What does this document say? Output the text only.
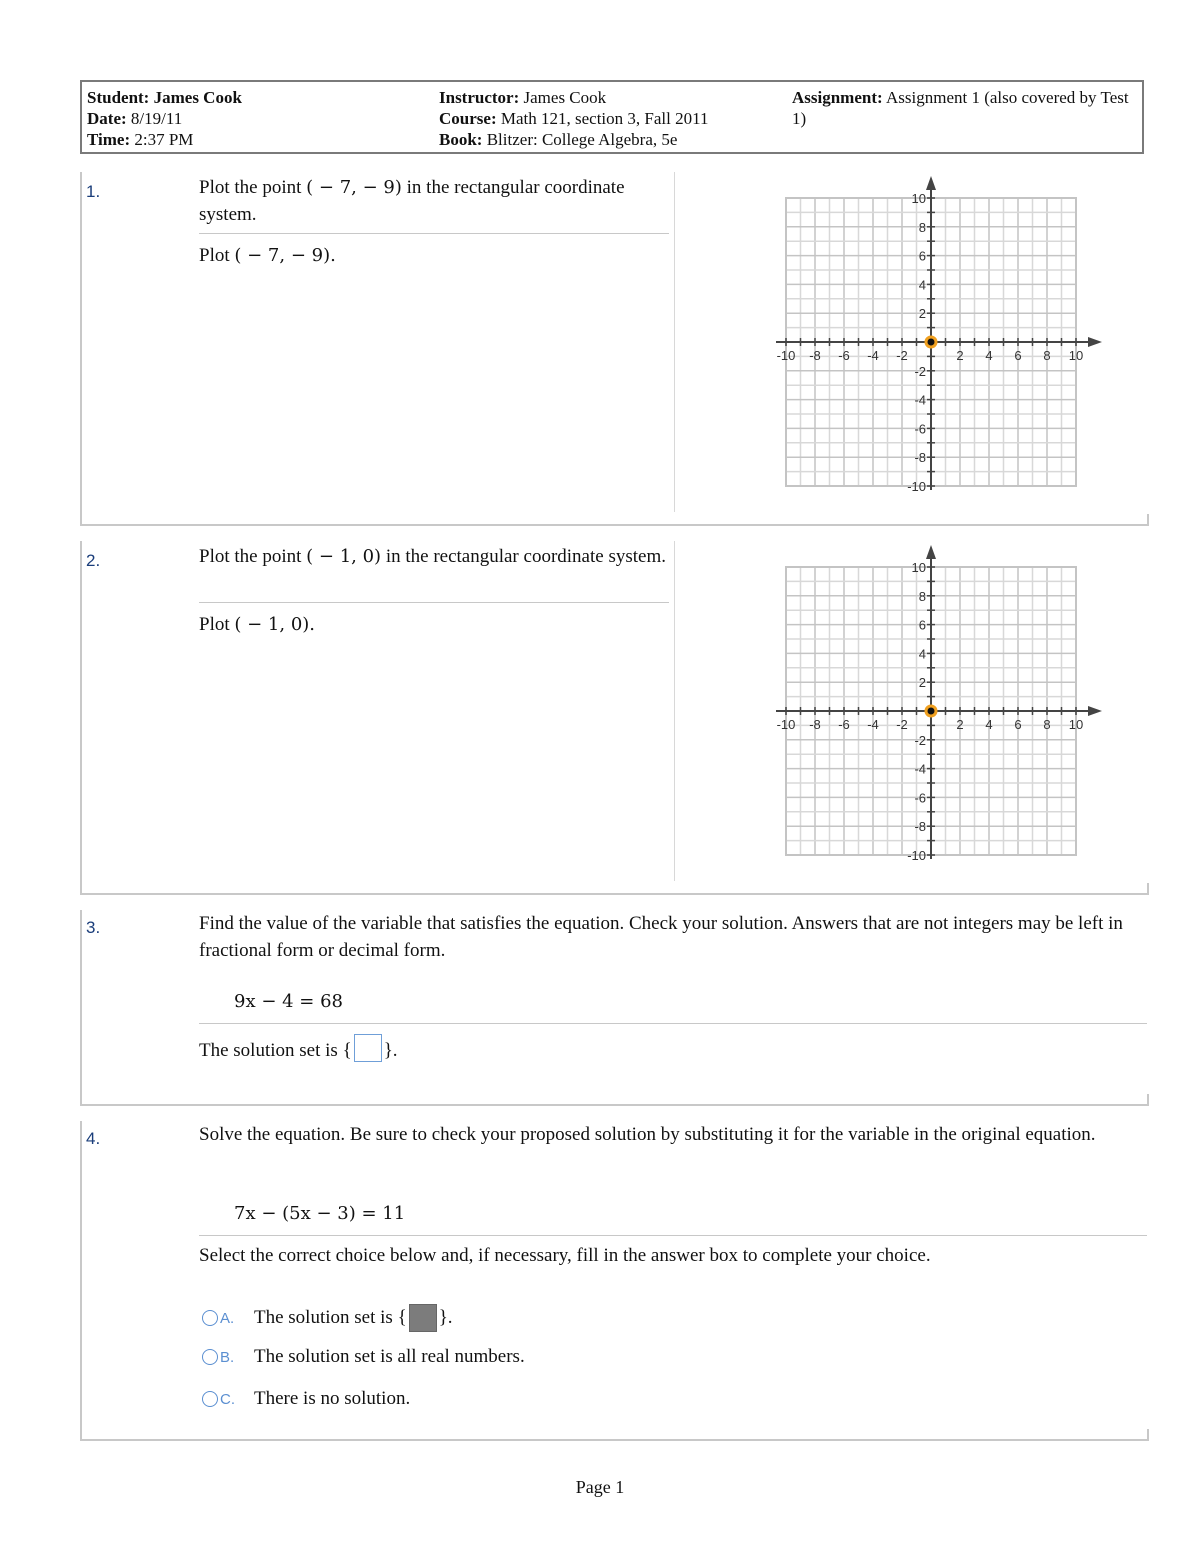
Student: James Cook
Date: 8/19/11
Time: 2:37 PM
Instructor: James Cook
Course: Math 121, section 3, Fall 2011
Book: Blitzer: College Algebra, 5e
Assignment: Assignment 1 (also covered by Test 1)
1.	Plot the point ( − 7, − 9) in the rectangular coordinate system.
Plot ( − 7, − 9).
-10 -8 -6 -4 -2	2 4 6 8 10
10
8
6
4
2
-2
-4
-6
-8
-10
2.	Plot the point ( − 1, 0) in the rectangular coordinate system.
Plot ( − 1, 0).
-10 -8 -6 -4 -2	2 4 6 8 10
10
8
6
4
2
-2
-4
-6
-8
-10
3.	Find the value of the variable that satisfies the equation. Check your solution. Answers that are not integers may be left in fractional form or decimal form.
9x − 4 = 68
The solution set is { }.
4.	Solve the equation. Be sure to check your proposed solution by substituting it for the variable in the original equation.
7x − (5x − 3) = 11
Select the correct choice below and, if necessary, fill in the answer box to complete your choice.
A.	The solution set is
{ }.
B.	The solution set is all real numbers.
C.	There is no solution.
Page 1
